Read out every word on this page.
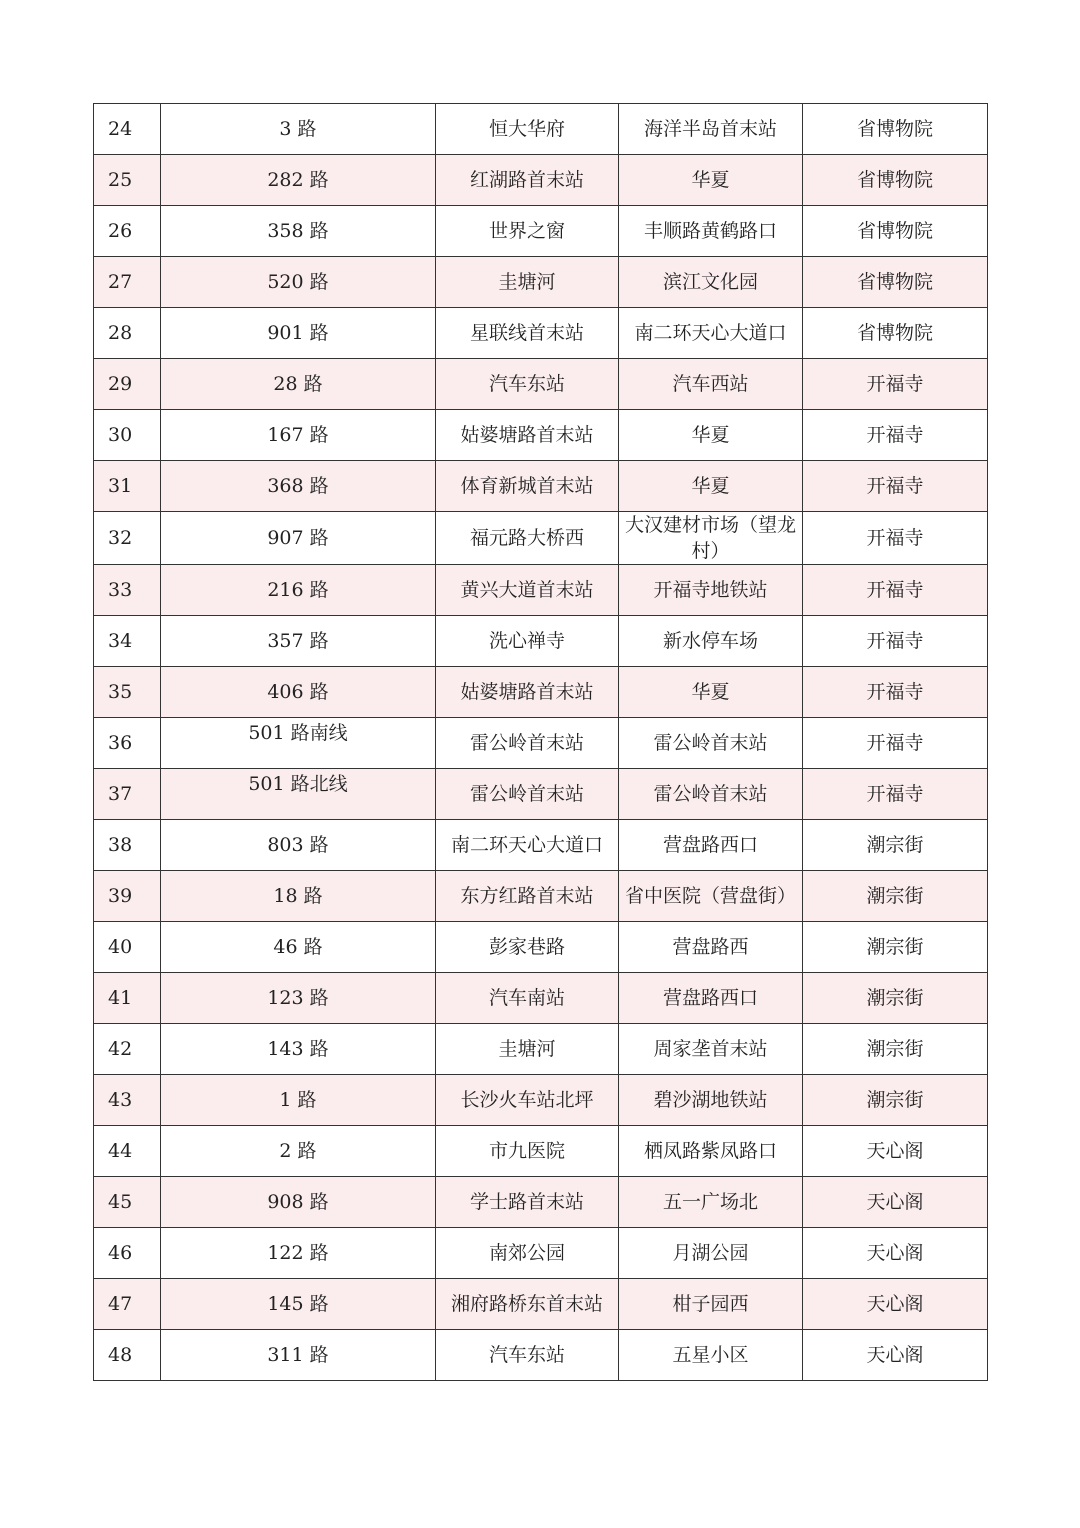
24	3 路	恒大华府	海洋半岛首末站	省博物院
25	282 路	红湖路首末站	华夏	省博物院
26	358 路	世界之窗	丰顺路黄鹤路口	省博物院
27	520 路	圭塘河	滨江文化园	省博物院
28	901 路	星联线首末站	南二环天心大道口	省博物院
29	28 路	汽车东站	汽车西站	开福寺
30	167 路	姑婆塘路首末站	华夏	开福寺
31	368 路	体育新城首末站	华夏	开福寺
32	907 路	福元路大桥西	大汉建材市场（望龙村）	开福寺
33	216 路	黄兴大道首末站	开福寺地铁站	开福寺
34	357 路	洗心禅寺	新水停车场	开福寺
35	406 路	姑婆塘路首末站	华夏	开福寺
36	501 路南线	雷公岭首末站	雷公岭首末站	开福寺
37	501 路北线	雷公岭首末站	雷公岭首末站	开福寺
38	803 路	南二环天心大道口	营盘路西口	潮宗街
39	18 路	东方红路首末站	省中医院（营盘街）	潮宗街
40	46 路	彭家巷路	营盘路西	潮宗街
41	123 路	汽车南站	营盘路西口	潮宗街
42	143 路	圭塘河	周家垄首末站	潮宗街
43	1 路	长沙火车站北坪	碧沙湖地铁站	潮宗街
44	2 路	市九医院	栖凤路紫凤路口	天心阁
45	908 路	学士路首末站	五一广场北	天心阁
46	122 路	南郊公园	月湖公园	天心阁
47	145 路	湘府路桥东首末站	柑子园西	天心阁
48	311 路	汽车东站	五星小区	天心阁
